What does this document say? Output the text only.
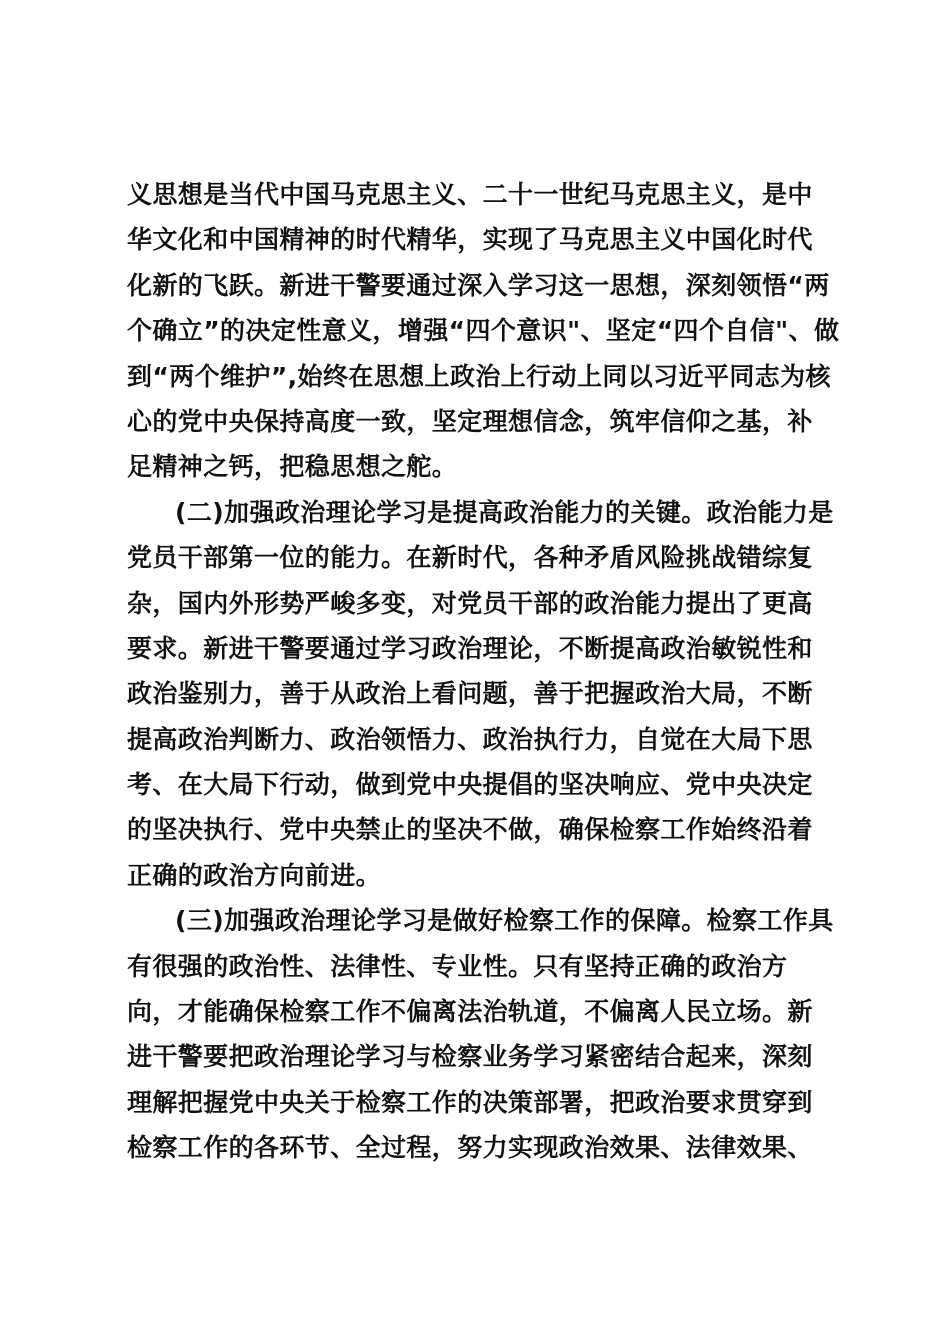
义思想是当代中国马克思主义、二十一世纪马克思主义，是中
华文化和中国精神的时代精华，实现了马克思主义中国化时代
化新的飞跃。新进干警要通过深入学习这一思想，深刻领悟“两
个确立”的决定性意义，增强“四个意识"、坚定“四个自信"、做
到“两个维护”,始终在思想上政治上行动上同以习近平同志为核
心的党中央保持高度一致，坚定理想信念，筑牢信仰之基，补
足精神之钙，把稳思想之舵。
(二)加强政治理论学习是提高政治能力的关键。政治能力是
党员干部第一位的能力。在新时代，各种矛盾风险挑战错综复
杂，国内外形势严峻多变，对党员干部的政治能力提出了更高
要求。新进干警要通过学习政治理论，不断提高政治敏锐性和
政治鉴别力，善于从政治上看问题，善于把握政治大局，不断
提高政治判断力、政治领悟力、政治执行力，自觉在大局下思
考、在大局下行动，做到党中央提倡的坚决响应、党中央决定
的坚决执行、党中央禁止的坚决不做，确保检察工作始终沿着
正确的政治方向前进。
(三)加强政治理论学习是做好检察工作的保障。检察工作具
有很强的政治性、法律性、专业性。只有坚持正确的政治方
向，才能确保检察工作不偏离法治轨道，不偏离人民立场。新
进干警要把政治理论学习与检察业务学习紧密结合起来，深刻
理解把握党中央关于检察工作的决策部署，把政治要求贯穿到
检察工作的各环节、全过程，努力实现政治效果、法律效果、
